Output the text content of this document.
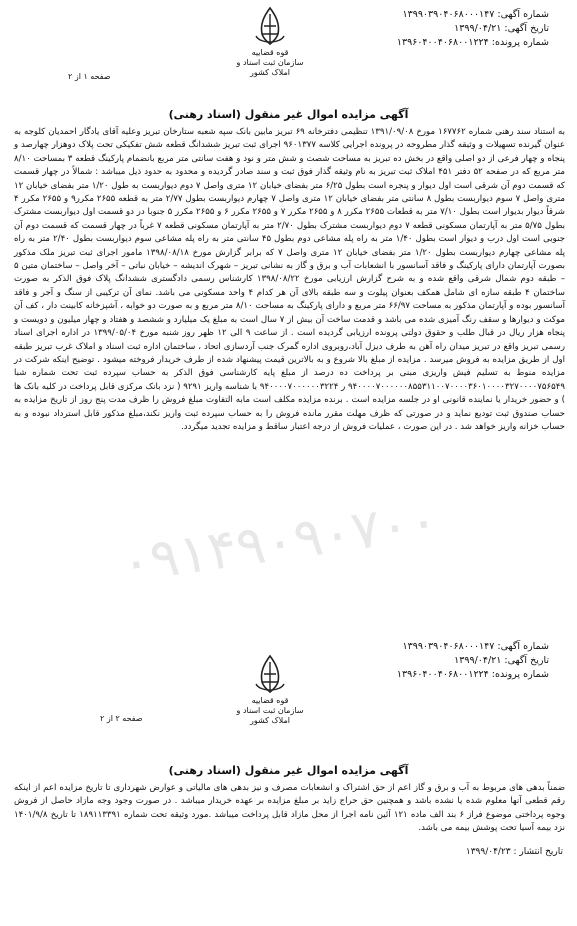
شماره آگهی: ۱۳۹۹۰۳۹۰۴۰۶۸۰۰۰۱۴۷
تاریخ آگهی: ۱۳۹۹/۰۴/۲۱
شماره پرونده: ۱۳۹۶۰۴۰۰۴۰۶۸۰۰۱۲۲۴
قوه قضاییه
سازمان ثبت اسناد و املاک کشور
صفحه ۱ از ۲
آگهی مزایده اموال غیر منقول (اسناد رهنی)
به استناد سند رهنی شماره ۱۶۷۷۶۲ مورخ ۱۳۹۱/۰۹/۰۸ تنظیمی دفترخانه ۶۹ تبریز مابین بانک سپه شعبه ستارخان تبریز وعلیه آقای یادگار احمدیان کلوجه به عنوان گیرنده تسهیلات و وثیقه گذار مطروحه در پرونده اجرایی کلاسه ۹۶۰۱۳۷۷ اجرای ثبت تبریز ششدانگ قطعه شش تفکیکی تحت پلاک دوهزار چهارصد و پنجاه و چهار فرعی از دو اصلی واقع در بخش ده تبریز به مساحت شصت و شش متر و نود و هفت سانتی متر مربع بانضمام پارکینگ قطعه ۳ بمساحت ۸/۱۰ متر مربع که در صفحه ۵۲ دفتر ۴۵۱ املاک ثبت تبریز به نام وثیقه گذار فوق ثبت و سند صادر گردیده و محدود به حدود ذیل میباشد : شمالاً در چهار قسمت که قسمت دوم آن شرقی است اول دیوار و پنجره است بطول ۶/۲۵ متر بفضای خیابان ۱۲ متری واصل ۷ دوم دیواربست به طول ۱/۲۰ متر بفضای خیابان ۱۲ متری واصل ۷ سوم دیواربست بطول ۸ سانتی متر بفضای خیابان ۱۲ متری واصل ۷ چهارم دیواربست بطول ۲/۷۷ متر به قطعه ۲۶۵۵ مکرر۹ و ۲۶۵۵ مکرر ۴ شرقاً دیوار بدیوار است بطول ۷/۱۰ متر به قطعات ۲۶۵۵ مکرر ۸ و ۲۶۵۵ مکرر ۷ و ۲۶۵۵ مکرر ۶ و ۲۶۵۵ مکرر ۵ جنوبا در دو قسمت اول دیواربست مشترک بطول ۵/۷۵ متر به آپارتمان مسکونی قطعه ۷ دوم دیواربست مشترک بطول ۲/۷۰ متر به آپارتمان مسکونی قطعه ۷ غرباً در چهار قسمت که قسمت دوم آن جنوبی است اول درب و دیوار است بطول ۱/۴۰ متر به راه پله مشاعی دوم بطول ۴۵ سانتی متر به راه پله مشاعی سوم دیواربست بطول ۲/۴۰ متر به راه پله مشاعی چهارم دیواربست بطول ۱/۲۰ متر بفضای خیابان ۱۲ متری واصل ۷ که برابر گزارش مورخ ۱۳۹۸/۰۸/۱۸ مامور اجرای ثبت تبریز ملک مذکور بصورت آپارتمان دارای پارکینگ و فاقد آسانسور با انشعابات آب و برق و گاز به نشانی تبریز – شهرک اندیشه – خیابان نباتی – آخر واصل – ساختمان متین ۵ – طبقه دوم شمال شرقی واقع شده و به شرح گزارش ارزیابی مورخ ۱۳۹۸/۰۸/۲۲ کارشناس رسمی دادگستری ششدانگ پلاک فوق الذکر به صورت ساختمان ۴ طبقه سازه ای شامل همکف بعنوان پیلوت و سه طبقه بالای آن هر کدام ۴ واحد مسکونی می باشد. نمای آن ترکیبی از سنگ و آجر و فاقد آسانسور بوده و آپارتمان مذکور به مساحت ۶۶/۹۷ متر مربع و دارای پارکینگ به مساحت ۸/۱۰ متر مربع و به صورت دو خوابه ، آشپزخانه کابینت دار ، کف آن موکت و دیوارها و سقف رنگ آمیزی شده می باشد و قدمت ساخت آن بیش از ۷ سال است به مبلغ یک میلیارد و ششصد و هفتاد و چهار میلیون و دویست و پنجاه هزار ریال در قبال طلب و حقوق دولتی پرونده ارزیابی گردیده است . از ساعت ۹ الی ۱۲ ظهر روز شنبه مورخ ۱۳۹۹/۰۵/۰۴ در اداره اجرای اسناد رسمی تبریز واقع در تبریز میدان راه آهن به طرف دیزل آباد،روبروی اداره گمرک جنب آردسازی اتحاد ، ساختمان اداره ثبت اسناد و املاک غرب تبریز طبقه اول از طریق مزایده به فروش میرسد . مزایده از مبلغ بالا شروع و به بالاترین قیمت پیشنهاد شده از طرف خریدار فروخته میشود . توضیح اینکه شرکت در مزایده منوط به تسلیم فیش واریزی مبنی بر پرداخت ده درصد از مبلغ پایه کارشناسی فوق الذکر به حساب سپرده ثبت تحت شماره شبا ۹۴۰۰۰۰۷۰۰۰۰۰۰۸۵۵۳۱۱۰۰۷۰۰۰۰۳۶۰۱۰۰۰۰۳۲۷۰۰۰۰۷۵۶۵۴۹ ر ۹۴۰۰۰۰۷۰۰۰۰۰۰۳۲۲۴ با شناسه واریز ۹۲۹۱ ( نزد بانک مرکزی قابل پرداخت در کلیه بانک ها ) و حضور خریدار یا نماینده قانونی او در جلسه مزایده است . برنده مزایده مکلف است مابه التفاوت مبلغ فروش را ظرف مدت پنج روز از تاریخ مزایده به حساب صندوق ثبت تودیع نماید و در صورتی که ظرف مهلت مقرر مانده فروش را به حساب سپرده ثبت واریز نکند،مبلغ مذکور قابل استرداد نبوده و به حساب خزانه واریز خواهد شد . در این صورت ، عملیات فروش از درجه اعتبار ساقط و مزایده تجدید میگردد.
۰۹۱۴۹۰۹۰۷۰۰
شماره آگهی: ۱۳۹۹۰۳۹۰۴۰۶۸۰۰۰۱۴۷
تاریخ آگهی: ۱۳۹۹/۰۴/۲۱
شماره پرونده: ۱۳۹۶۰۴۰۰۴۰۶۸۰۰۱۲۲۴
قوه قضاییه
سازمان ثبت اسناد و املاک کشور
صفحه ۲ از ۲
آگهی مزایده اموال غیر منقول (اسناد رهنی)
ضمناً بدهی های مربوط به آب و برق و گاز اعم از حق اشتراک و انشعابات مصرف و نیز بدهی های مالیاتی و عوارض شهرداری تا تاریخ مزایده اعم از اینکه رقم قطعی آنها معلوم شده یا نشده باشد و همچنین حق حراج زاید بر مبلغ مزایده بر عهده خریدار میباشد . در صورت وجود وجه مازاد حاصل از فروش وجوه پرداختی موضوع فراز ۶ بند الف ماده ۱۲۱ آئین نامه اجرا از محل مازاد قابل پرداخت میباشد .مورد وثیقه تحت شماره ۱۸۹۱۱۳۳۹۱ تا تاریخ ۱۴۰۱/۹/۸ نزد بیمه آسیا تحت پوشش بیمه می باشد.
تاریخ انتشار : ۱۳۹۹/۰۴/۲۳
